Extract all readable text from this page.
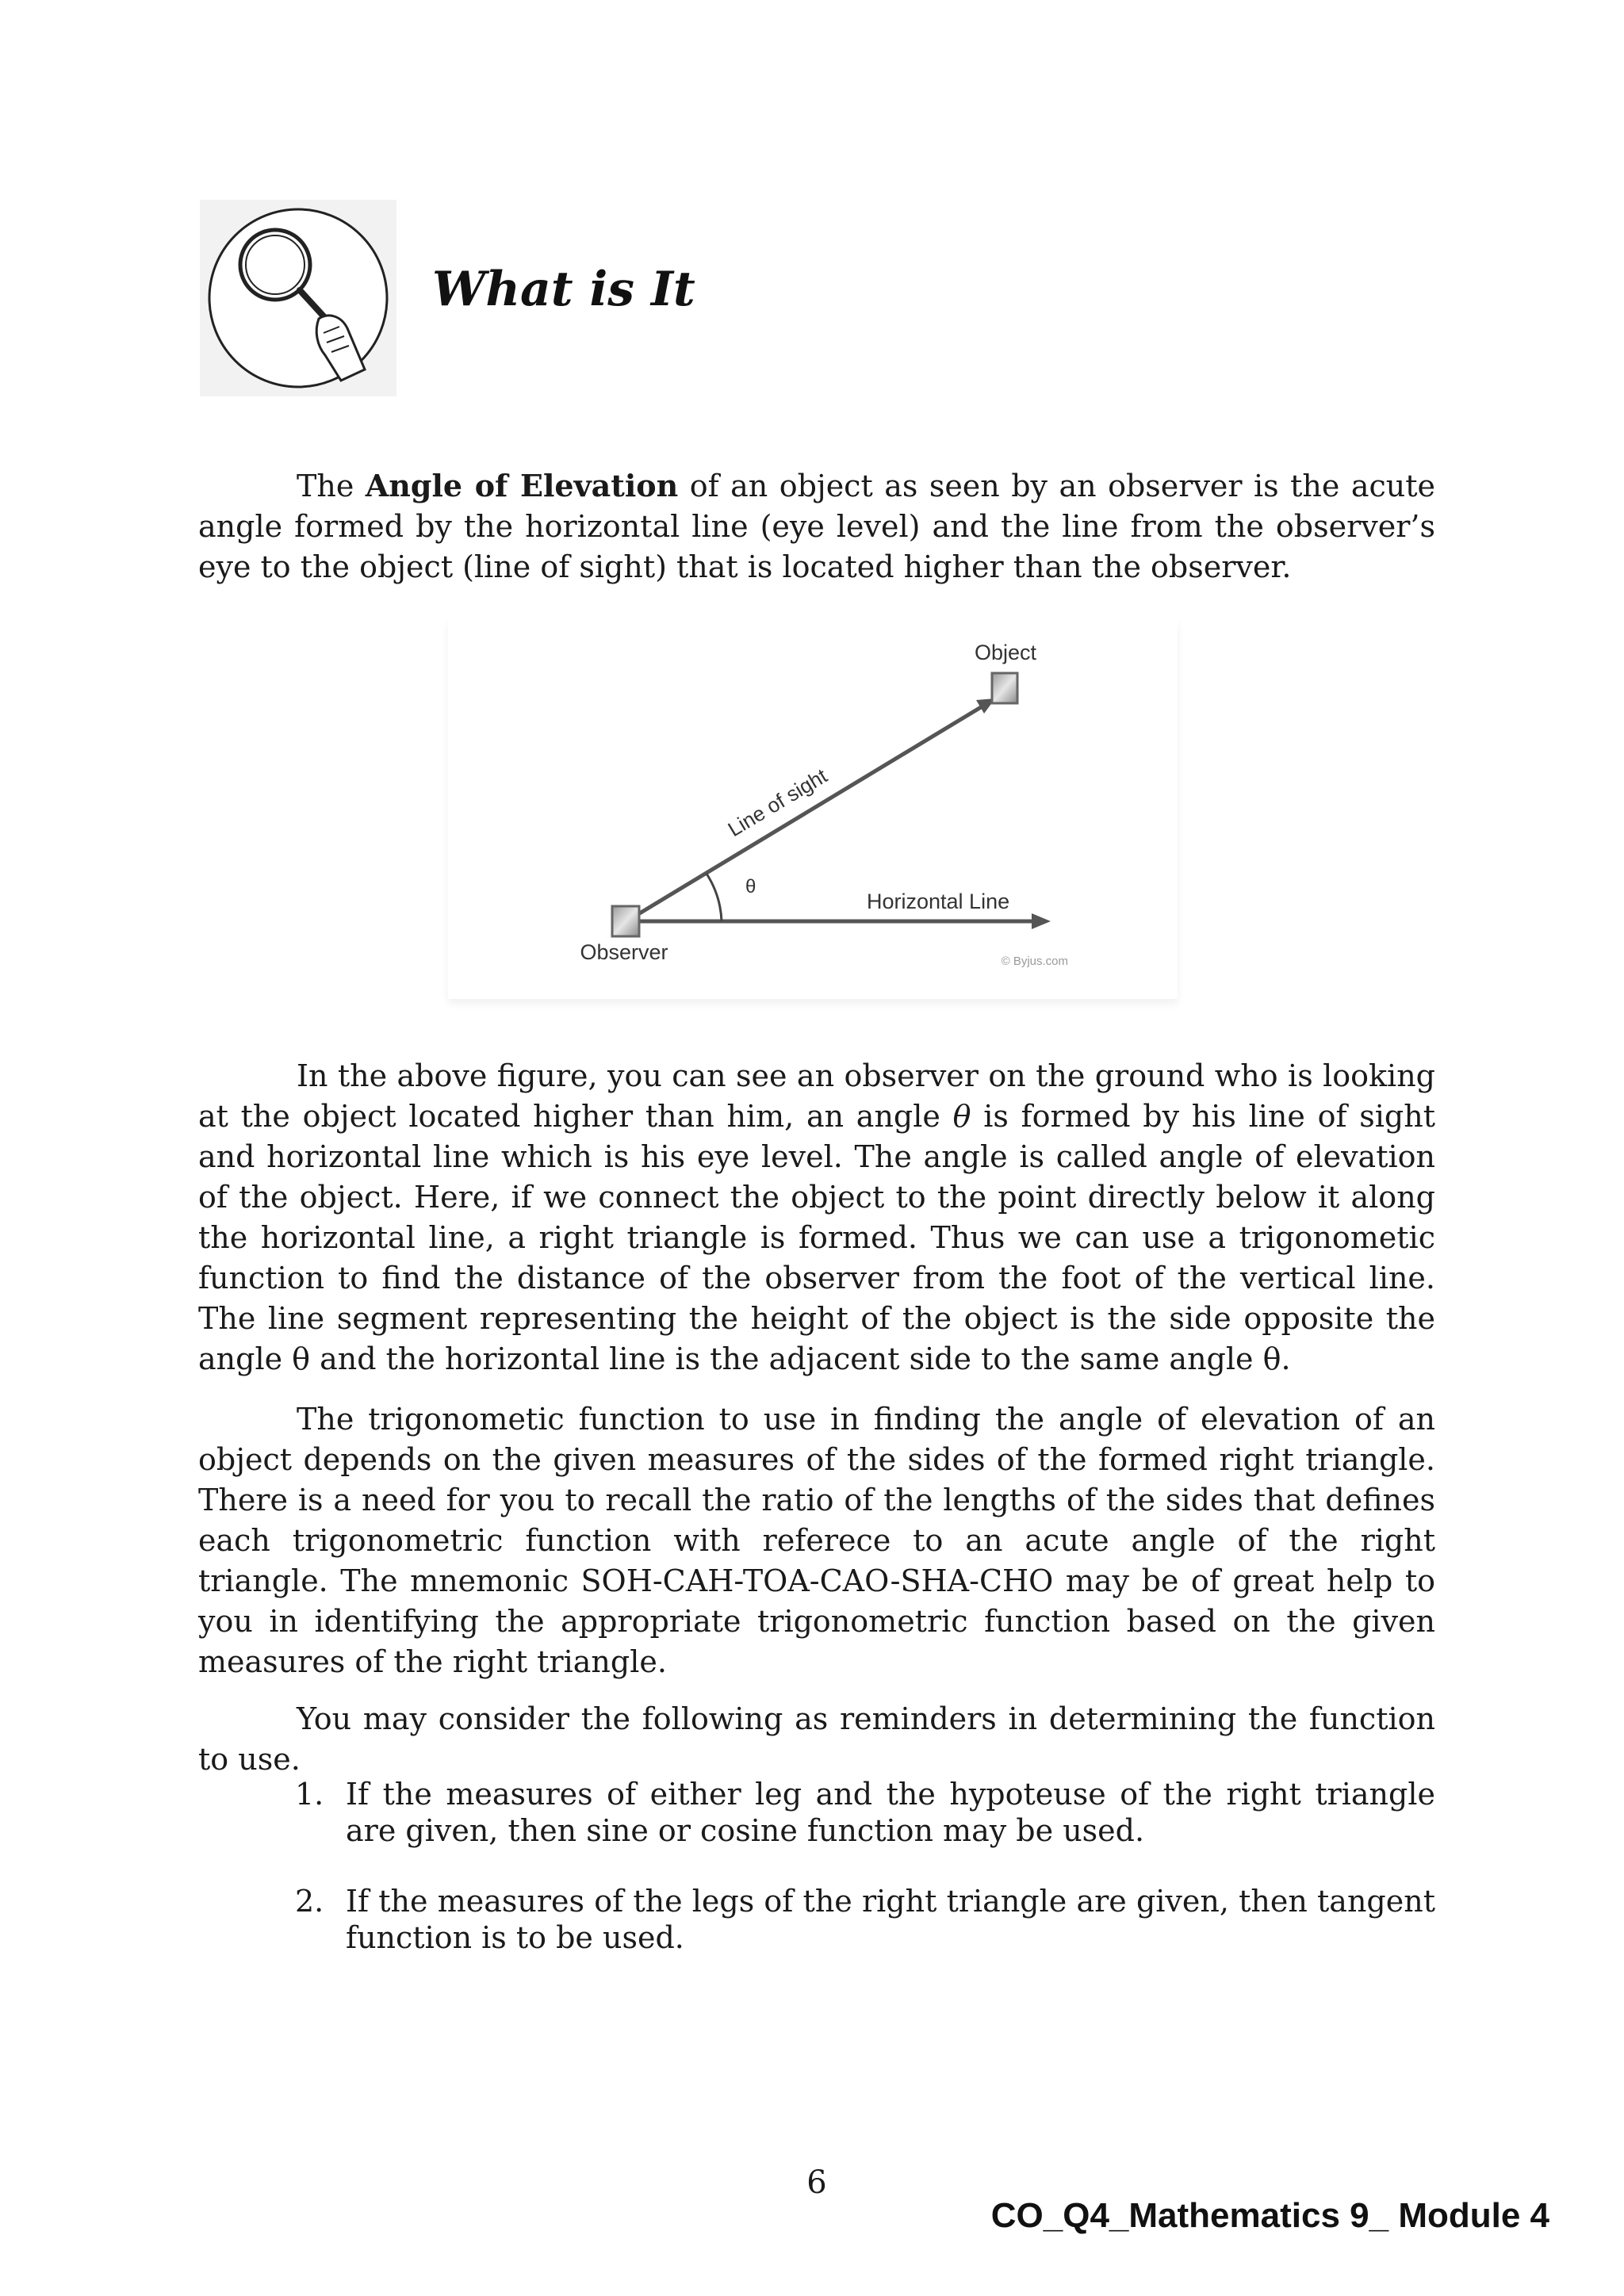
What is It

The Angle of Elevation of an object as seen by an observer is the acute angle formed by the horizontal line (eye level) and the line from the observer’s eye to the object (line of sight) that is located higher than the observer.

Object
Line of sight
θ
Horizontal Line
Observer	© Byjus.com

In the above figure, you can see an observer on the ground who is looking at the object located higher than him, an angle θ is formed by his line of sight and horizontal line which is his eye level. The angle is called angle of elevation of the object. Here, if we connect the object to the point directly below it along the horizontal line, a right triangle is formed. Thus we can use a trigonometic function to find the distance of the observer from the foot of the vertical line. The line segment representing the height of the object is the side opposite the angle θ and the horizontal line is the adjacent side to the same angle θ.

The trigonometic function to use in finding the angle of elevation of an object depends on the given measures of the sides of the formed right triangle. There is a need for you to recall the ratio of the lengths of the sides that defines each trigonometric function with referece to an acute angle of the right triangle. The mnemonic SOH-CAH-TOA-CAO-SHA-CHO may be of great help to you in identifying the appropriate trigonometric function based on the given measures of the right triangle.

You may consider the following as reminders in determining the function to use.

1. If the measures of either leg and the hypoteuse of the right triangle are given, then sine or cosine function may be used.
2. If the measures of the legs of the right triangle are given, then tangent function is to be used.
6
CO_Q4_Mathematics 9_ Module 4
